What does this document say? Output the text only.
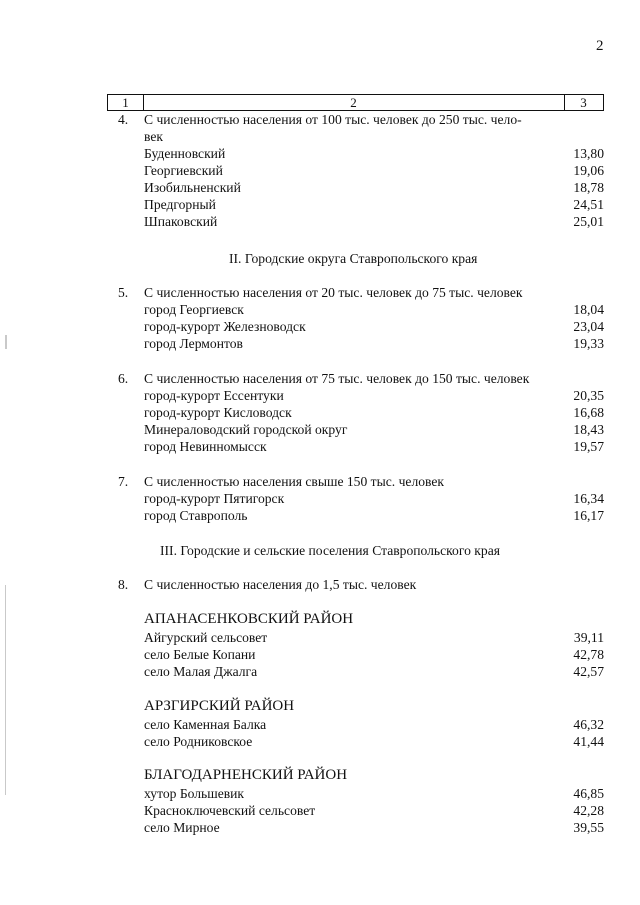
2
1	2	3
4. С численностью населения от 100 тыс. человек до 250 тыс. чело-
век
Буденновский	13,80
Георгиевский	19,06
Изобильненский	18,78
Предгорный	24,51
Шпаковский	25,01
II. Городские округа Ставропольского края
5. С численностью населения от 20 тыс. человек до 75 тыс. человек
город Георгиевск	18,04
город-курорт Железноводск	23,04
город Лермонтов	19,33
6. С численностью населения от 75 тыс. человек до 150 тыс. человек
город-курорт Ессентуки	20,35
город-курорт Кисловодск	16,68
Минераловодский городской округ	18,43
город Невинномысск	19,57
7. С численностью населения свыше 150 тыс. человек
город-курорт Пятигорск	16,34
город Ставрополь	16,17
III. Городские и сельские поселения Ставропольского края
8. С численностью населения до 1,5 тыс. человек
АПАНАСЕНКОВСКИЙ РАЙОН
Айгурский сельсовет	39,11
село Белые Копани	42,78
село Малая Джалга	42,57
АРЗГИРСКИЙ РАЙОН
село Каменная Балка	46,32
село Родниковское	41,44
БЛАГОДАРНЕНСКИЙ РАЙОН
хутор Большевик	46,85
Красноключевский сельсовет	42,28
село Мирное	39,55
